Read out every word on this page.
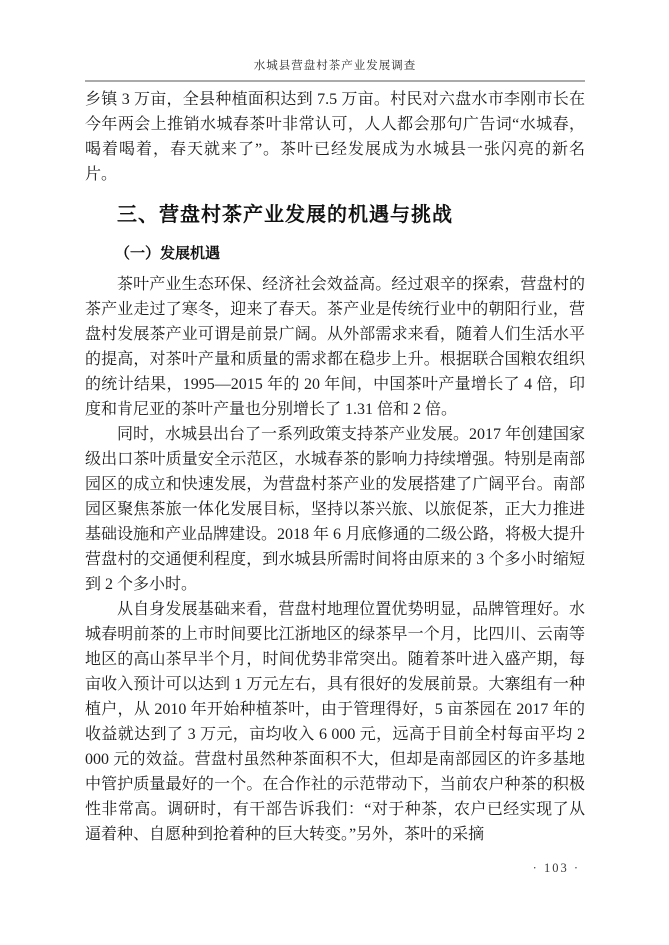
水城县营盘村茶产业发展调查

乡镇 3 万亩，全县种植面积达到 7.5 万亩。村民对六盘水市李刚市长在今年两会上推销水城春茶叶非常认可，人人都会那句广告词“水城春，喝着喝着，春天就来了”。茶叶已经发展成为水城县一张闪亮的新名片。

三、营盘村茶产业发展的机遇与挑战
（一）发展机遇

茶叶产业生态环保、经济社会效益高。经过艰辛的探索，营盘村的茶产业走过了寒冬，迎来了春天。茶产业是传统行业中的朝阳行业，营盘村发展茶产业可谓是前景广阔。从外部需求来看，随着人们生活水平的提高，对茶叶产量和质量的需求都在稳步上升。根据联合国粮农组织的统计结果，1995—2015 年的 20 年间，中国茶叶产量增长了 4 倍，印度和肯尼亚的茶叶产量也分别增长了 1.31 倍和 2 倍。

同时，水城县出台了一系列政策支持茶产业发展。2017 年创建国家级出口茶叶质量安全示范区，水城春茶的影响力持续增强。特别是南部园区的成立和快速发展，为营盘村茶产业的发展搭建了广阔平台。南部园区聚焦茶旅一体化发展目标，坚持以茶兴旅、以旅促茶，正大力推进基础设施和产业品牌建设。2018 年 6 月底修通的二级公路，将极大提升营盘村的交通便利程度，到水城县所需时间将由原来的 3 个多小时缩短到 2 个多小时。

从自身发展基础来看，营盘村地理位置优势明显，品牌管理好。水城春明前茶的上市时间要比江浙地区的绿茶早一个月，比四川、云南等地区的高山茶早半个月，时间优势非常突出。随着茶叶进入盛产期，每亩收入预计可以达到 1 万元左右，具有很好的发展前景。大寨组有一种植户，从 2010 年开始种植茶叶，由于管理得好，5 亩茶园在 2017 年的收益就达到了 3 万元，亩均收入 6 000 元，远高于目前全村每亩平均 2 000 元的效益。营盘村虽然种茶面积不大，但却是南部园区的许多基地中管护质量最好的一个。在合作社的示范带动下，当前农户种茶的积极性非常高。调研时，有干部告诉我们：“对于种茶，农户已经实现了从逼着种、自愿种到抢着种的巨大转变。”另外，茶叶的采摘

· 103 ·
